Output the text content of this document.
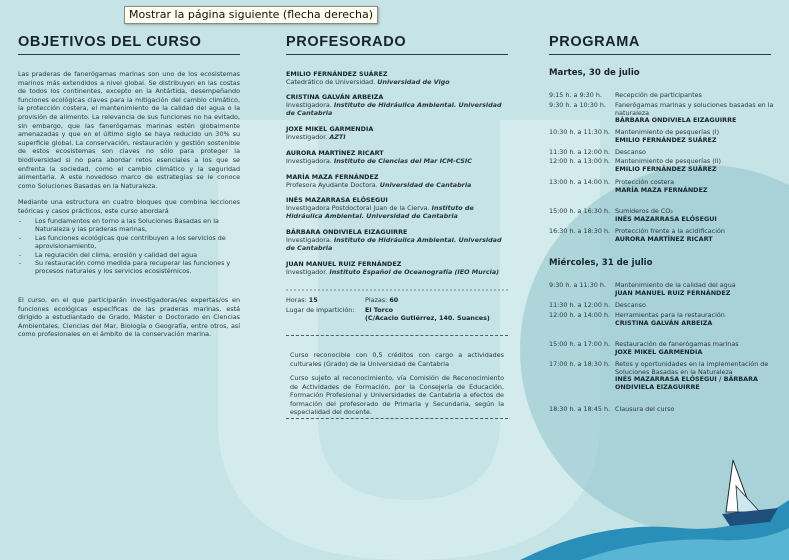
Mostrar la página siguiente (flecha derecha)
OBJETIVOS DEL CURSO
Las praderas de fanerógamas marinas son uno de los ecosistemas marinos más extendidos a nivel global. Se distribuyen en las costas de todos los continentes, excepto en la Antártida, desempeñando funciones ecológicas claves para la mitigación del cambio climático, la protección costera, el mantenimiento de la calidad del agua o la provisión de alimento. La relevancia de sus funciones no ha evitado, sin embargo, que las fanerógamas marinas estén globalmente amenazadas y que en el último siglo se haya reducido un 30% su superficie global. La conservación, restauración y gestión sostenible de estos ecosistemas son claves no sólo para proteger la biodiversidad si no para abordar retos esenciales a los que se enfrenta la sociedad, como el cambio climático y la seguridad alimentaria. A este novedoso marco de estrategias se le conoce como Soluciones Basadas en la Naturaleza.
Mediante una estructura en cuatro bloques que combina lecciones teóricas y casos prácticos, este curso abordará
- Los fundamentos en torno a las Soluciones Basadas en la Naturaleza y las praderas marinas,
- Las funciones ecológicas que contribuyen a los servicios de aprovisionamiento,
- La regulación del clima, erosión y calidad del agua
- Su restauración como medida para recuperar las funciones y procesos naturales y los servicios ecosistémicos.
El curso, en el que participarán investigadoras/es expertas/os en funciones ecológicas específicas de las praderas marinas, está dirigido a estudiantado de Grado, Máster o Doctorado en Ciencias Ambientales, Ciencias del Mar, Biología o Geografía, entre otros, así como profesionales en el ámbito de la conservación marina.
PROFESORADO
EMILIO FERNÁNDEZ SUÁREZ
Catedrático de Universidad. Universidad de Vigo
CRISTINA GALVÁN ARBEIZA
Investigadora. Instituto de Hidráulica Ambiental. Universidad de Cantabria
JOXE MIKEL GARMENDIA
Investigador. AZTI
AURORA MARTÍNEZ RICART
Investigadora. Instituto de Ciencias del Mar ICM-CSIC
MARÍA MAZA FERNÁNDEZ
Profesora Ayudante Doctora. Universidad de Cantabria
INÉS MAZARRASA ELÓSEGUI
Investigadora Postdoctoral Juan de la Cierva. Instituto de Hidráulica Ambiental. Universidad de Cantabria
BÁRBARA ONDIVIELA EIZAGUIRRE
Investigadora. Instituto de Hidráulica Ambiental. Universidad de Cantabria
JUAN MANUEL RUIZ FERNÁNDEZ
Investigador. Instituto Español de Oceanografía (IEO Murcia)
Horas: 15	Plazas: 60
Lugar de impartición: El Torco
(C/Acacio Gutiérrez, 140. Suances)
Curso reconocible con 0,5 créditos con cargo a actividades culturales (Grado) de la Universidad de Cantabria
Curso sujeto al reconocimiento, vía Comisión de Reconocimiento de Actividades de Formación, por la Consejería de Educación, Formación Profesional y Universidades de Cantabria a efectos de formación del profesorado de Primaria y Secundaria, según la especialidad del docente.
PROGRAMA
Martes, 30 de julio
9:15 h. a 9:30 h.	Recepción de participantes
9:30 h. a 10:30 h.	Fanerógamas marinas y soluciones basadas en la naturaleza
BÁRBARA ONDIVIELA EIZAGUIRRE
10:30 h. a 11:30 h. Mantenimiento de pesquerías (I)
EMILIO FERNÁNDEZ SUÁREZ
11:30 h. a 12:00 h. Descanso
12:00 h. a 13:00 h. Mantenimiento de pesquerías (II)
EMILIO FERNÁNDEZ SUÁREZ
13:00 h. a 14:00 h. Protección costera
MARÍA MAZA FERNÁNDEZ
15:00 h. a 16:30 h. Sumideros de CO₂
INÉS MAZARRASA ELÓSEGUI
16:30 h. a 18:30 h. Protección frente a la acidificación
AURORA MARTÍNEZ RICART
Miércoles, 31 de julio
9:30 h. a 11:30 h.	Mantenimiento de la calidad del agua
JUAN MANUEL RUIZ FERNÁNDEZ
11:30 h. a 12:00 h. Descanso
12:00 h. a 14:00 h. Herramientas para la restauración
CRISTINA GALVÁN ARBEIZA
15:00 h. a 17:00 h. Restauración de fanerógamas marinas
JOXE MIKEL GARMENDIA
17:00 h. a 18:30 h. Retos y oportunidades en la implementación de Soluciones Basadas en la Naturaleza
INÉS MAZARRASA ELÓSEGUI / BÁRBARA ONDIVIELA EIZAGUIRRE
18:30 h. a 18:45 h. Clausura del curso
